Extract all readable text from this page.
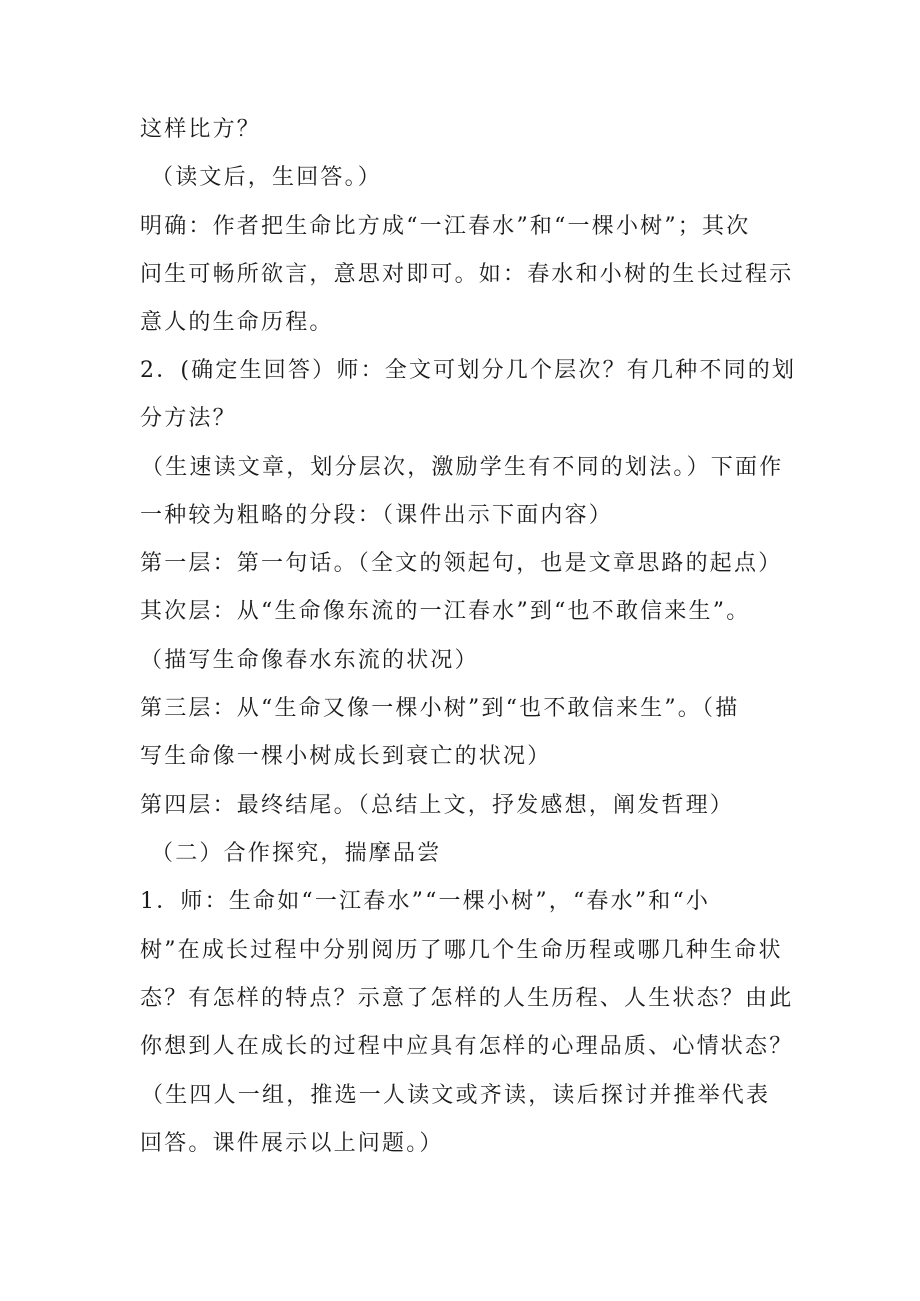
这样比方？
（读文后，生回答。）
明确：作者把生命比方成“一江春水”和“一棵小树”；其次
问生可畅所欲言，意思对即可。如：春水和小树的生长过程示
意人的生命历程。
2．(确定生回答）师：全文可划分几个层次？有几种不同的划
分方法？
（生速读文章，划分层次，激励学生有不同的划法。）下面作
一种较为粗略的分段：（课件出示下面内容）
第一层：第一句话。（全文的领起句，也是文章思路的起点）
其次层：从“生命像东流的一江春水”到“也不敢信来生”。
（描写生命像春水东流的状况）
第三层：从“生命又像一棵小树”到“也不敢信来生”。（描
写生命像一棵小树成长到衰亡的状况）
第四层：最终结尾。（总结上文，抒发感想，阐发哲理）
（二）合作探究，揣摩品尝
1．师：生命如“一江春水”“一棵小树”，“春水”和“小
树”在成长过程中分别阅历了哪几个生命历程或哪几种生命状
态？有怎样的特点？示意了怎样的人生历程、人生状态？由此
你想到人在成长的过程中应具有怎样的心理品质、心情状态？
（生四人一组，推选一人读文或齐读，读后探讨并推举代表
回答。课件展示以上问题。）
